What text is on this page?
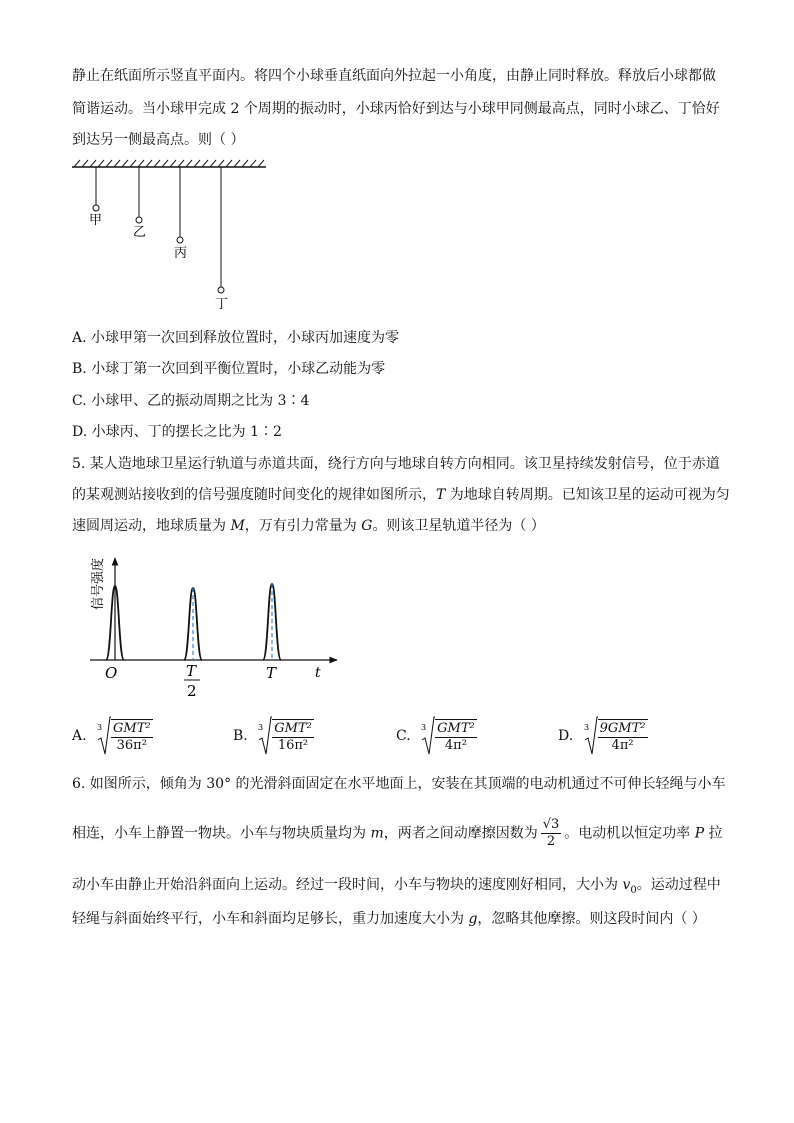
静止在纸面所示竖直平面内。将四个小球垂直纸面向外拉起一小角度，由静止同时释放。释放后小球都做
简谐运动。当小球甲完成 2 个周期的振动时，小球丙恰好到达与小球甲同侧最高点，同时小球乙、丁恰好
到达另一侧最高点。则（ ）
甲
乙
丙
丁
A. 小球甲第一次回到释放位置时，小球丙加速度为零
B. 小球丁第一次回到平衡位置时，小球乙动能为零
C. 小球甲、乙的振动周期之比为 3∶4
D. 小球丙、丁的摆长之比为 1∶2
5. 某人造地球卫星运行轨道与赤道共面，绕行方向与地球自转方向相同。该卫星持续发射信号，位于赤道
的某观测站接收到的信号强度随时间变化的规律如图所示，T 为地球自转周期。已知该卫星的运动可视为匀
速圆周运动，地球质量为 M，万有引力常量为 G。则该卫星轨道半径为（ ）
信号强度
t
O	T
2
T
A.
$3 \frac{\text{GMT²}}{\text{36π²}}$	B.
$3 \frac{\text{GMT²}}{\text{16π²}}$	C.
$3 \frac{\text{GMT²}}{\text{4π²}}$	D.
$3 \frac{\text{9GMT²}}{\text{4π²}}$
6. 如图所示，倾角为 30° 的光滑斜面固定在水平地面上，安装在其顶端的电动机通过不可伸长轻绳与小车
相连，小车上静置一物块。小车与物块质量均为 m，两者之间动摩擦因数为 $\frac{√3}{2}$ 。电动机以恒定功率 P 拉
动小车由静止开始沿斜面向上运动。经过一段时间，小车与物块的速度刚好相同，大小为 $v_0$。运动过程中
轻绳与斜面始终平行，小车和斜面均足够长，重力加速度大小为 g，忽略其他摩擦。则这段时间内（ ）
